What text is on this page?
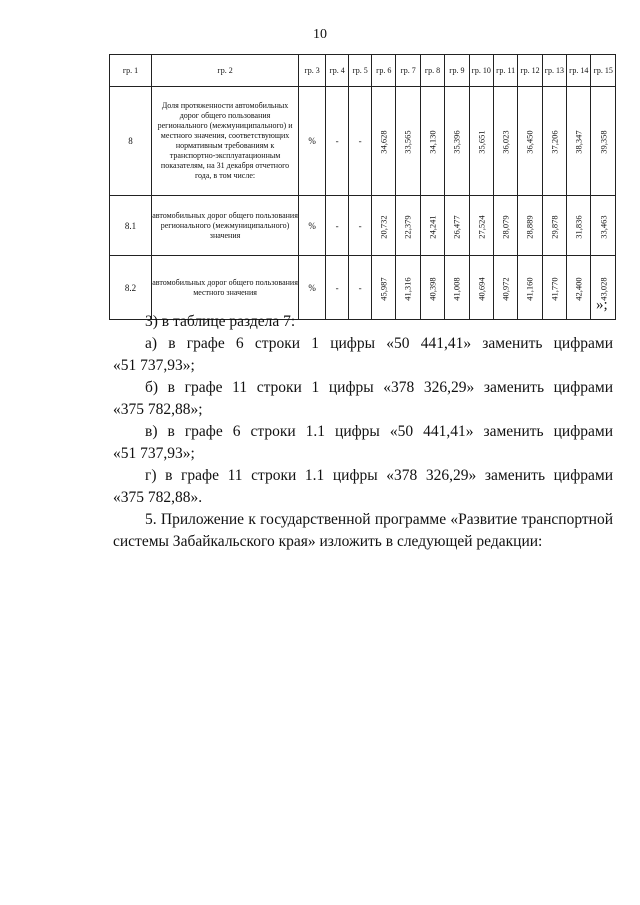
10
гр. 1	гр. 2	гр. 3	гр. 4	гр. 5	гр. 6	гр. 7	гр. 8	гр. 9	гр. 10	гр. 11	гр. 12	гр. 13	гр. 14	гр. 15
8	Доля протяженности автомобильных дорог общего пользования регионального (межмуниципального) и местного значения, соответствующих нормативным требованиям к транспортно-эксплуатационным показателям, на 31 декабря отчетного года, в том числе:	%	-	-	34,628	33,565	34,130	35,396	35,651	36,023	36,450	37,206	38,347	39,358
8.1	автомобильных дорог общего пользования регионального (межмуниципального) значения	%	-	-	20,732	22,379	24,241	26,477	27,524	28,079	28,889	29,878	31,836	33,463
8.2	автомобильных дорог общего пользования местного значения	%	-	-	45,987	41,316	40,398	41,008	40,694	40,972	41,160	41,770	42,400	43,028
»;

3) в таблице раздела 7:

а) в графе 6 строки 1 цифры «50 441,41» заменить цифрами

«51 737,93»;

б) в графе 11 строки 1 цифры «378 326,29» заменить цифрами

«375 782,88»;

в) в графе 6 строки 1.1 цифры «50 441,41» заменить цифрами

«51 737,93»;

г) в графе 11 строки 1.1 цифры «378 326,29» заменить цифрами

«375 782,88».

5. Приложение к государственной программе «Развитие транспортной

системы Забайкальского края» изложить в следующей редакции:
